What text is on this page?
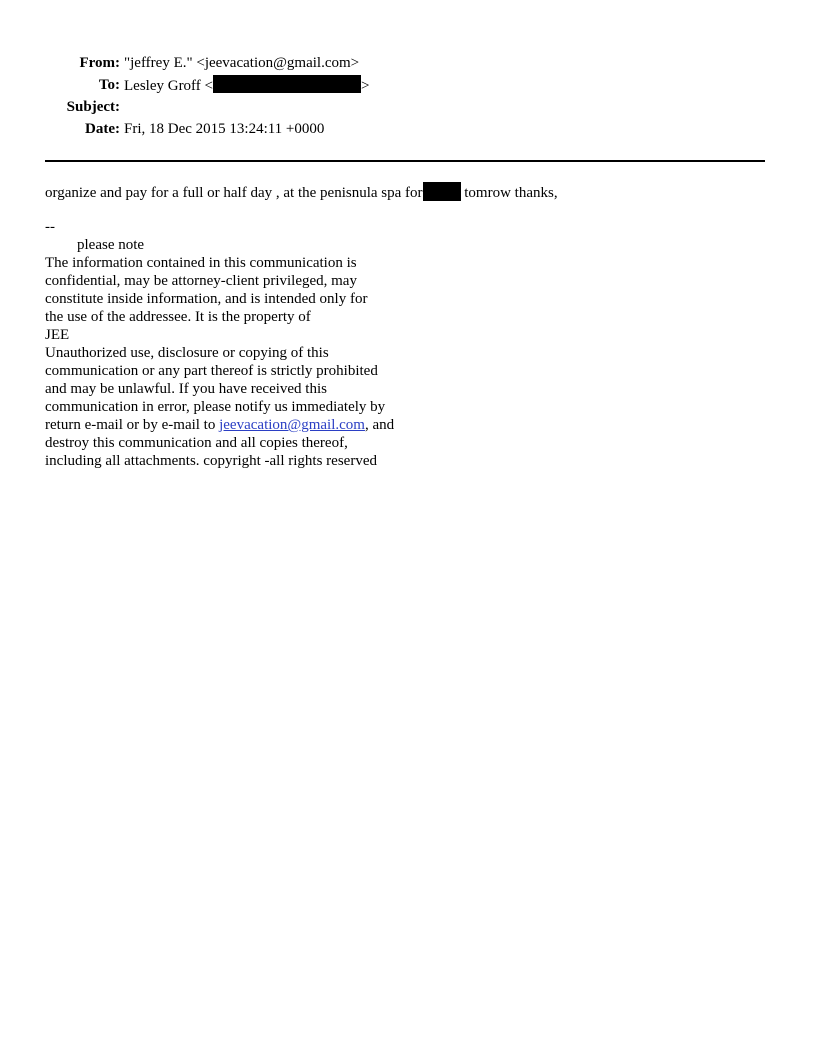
From: "jeffrey E." <jeevacation@gmail.com>
To: Lesley Groff <	>
Subject:
Date: Fri, 18 Dec 2015 13:24:11 +0000
organize and pay for a full or half day , at the penisnula spa for	tomrow thanks,
--
please note
The information contained in this communication is
confidential, may be attorney-client privileged, may
constitute inside information, and is intended only for
the use of the addressee. It is the property of
JEE
Unauthorized use, disclosure or copying of this
communication or any part thereof is strictly prohibited
and may be unlawful. If you have received this
communication in error, please notify us immediately by
return e-mail or by e-mail to jeevacation@gmail.com, and
destroy this communication and all copies thereof,
including all attachments. copyright -all rights reserved
